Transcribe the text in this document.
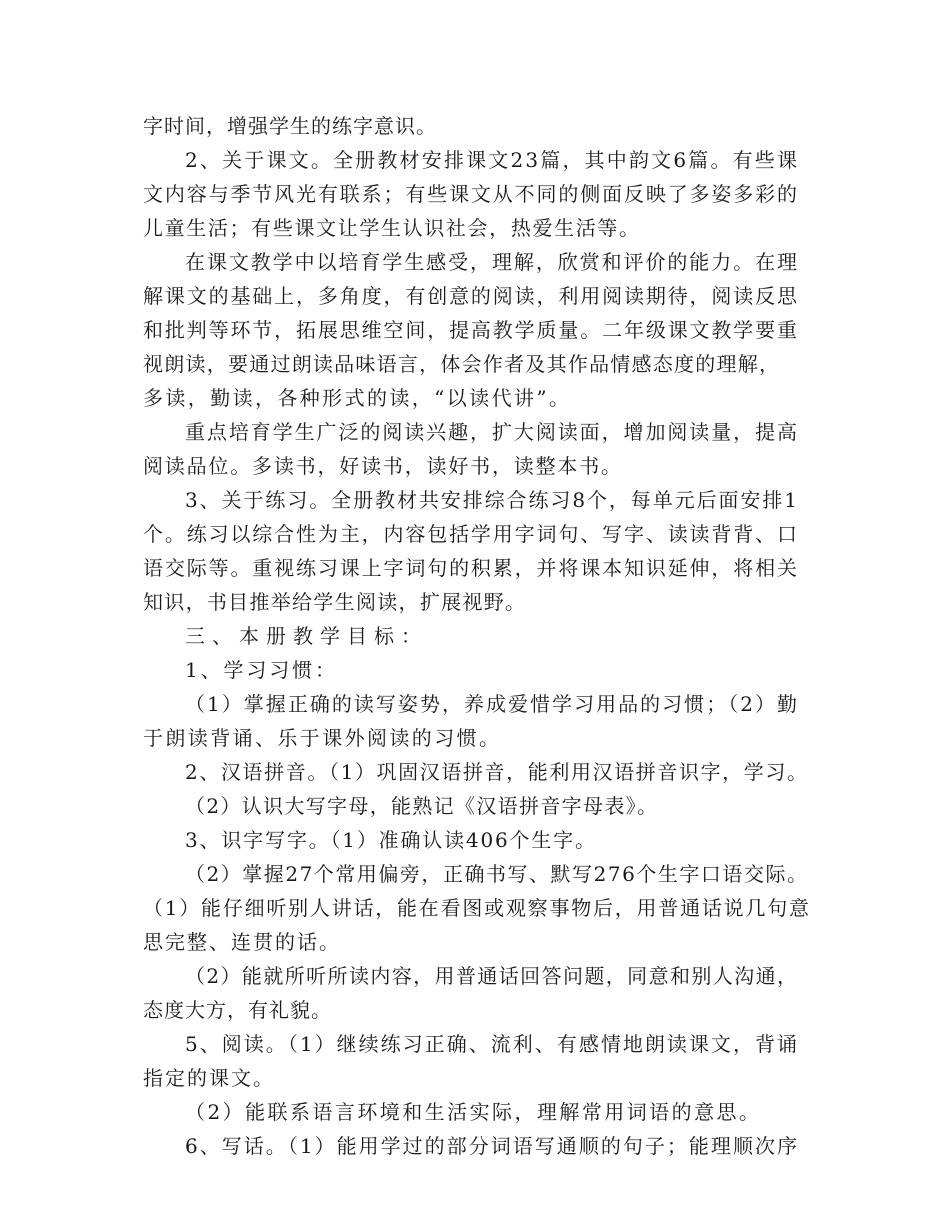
字时间，增强学生的练字意识。
2、关于课文。全册教材安排课文23篇，其中韵文6篇。有些课
文内容与季节风光有联系；有些课文从不同的侧面反映了多姿多彩的
儿童生活；有些课文让学生认识社会，热爱生活等。
在课文教学中以培育学生感受，理解，欣赏和评价的能力。在理
解课文的基础上，多角度，有创意的阅读，利用阅读期待，阅读反思
和批判等环节，拓展思维空间，提高教学质量。二年级课文教学要重
视朗读，要通过朗读品味语言，体会作者及其作品情感态度的理解，
多读，勤读，各种形式的读，“以读代讲”。
重点培育学生广泛的阅读兴趣，扩大阅读面，增加阅读量，提高
阅读品位。多读书，好读书，读好书，读整本书。
3、关于练习。全册教材共安排综合练习8个，每单元后面安排1
个。练习以综合性为主，内容包括学用字词句、写字、读读背背、口
语交际等。重视练习课上字词句的积累，并将课本知识延伸，将相关
知识，书目推举给学生阅读，扩展视野。
三、本册教学目标：
1、学习习惯：
（1）掌握正确的读写姿势，养成爱惜学习用品的习惯；（2）勤
于朗读背诵、乐于课外阅读的习惯。
2、汉语拼音。（1）巩固汉语拼音，能利用汉语拼音识字，学习。
（2）认识大写字母，能熟记《汉语拼音字母表》。
3、识字写字。（1）准确认读406个生字。
（2）掌握27个常用偏旁，正确书写、默写276个生字口语交际。
（1）能仔细听别人讲话，能在看图或观察事物后，用普通话说几句意
思完整、连贯的话。
（2）能就所听所读内容，用普通话回答问题，同意和别人沟通，
态度大方，有礼貌。
5、阅读。（1）继续练习正确、流利、有感情地朗读课文，背诵
指定的课文。
（2）能联系语言环境和生活实际，理解常用词语的意思。
6、写话。（1）能用学过的部分词语写通顺的句子；能理顺次序
